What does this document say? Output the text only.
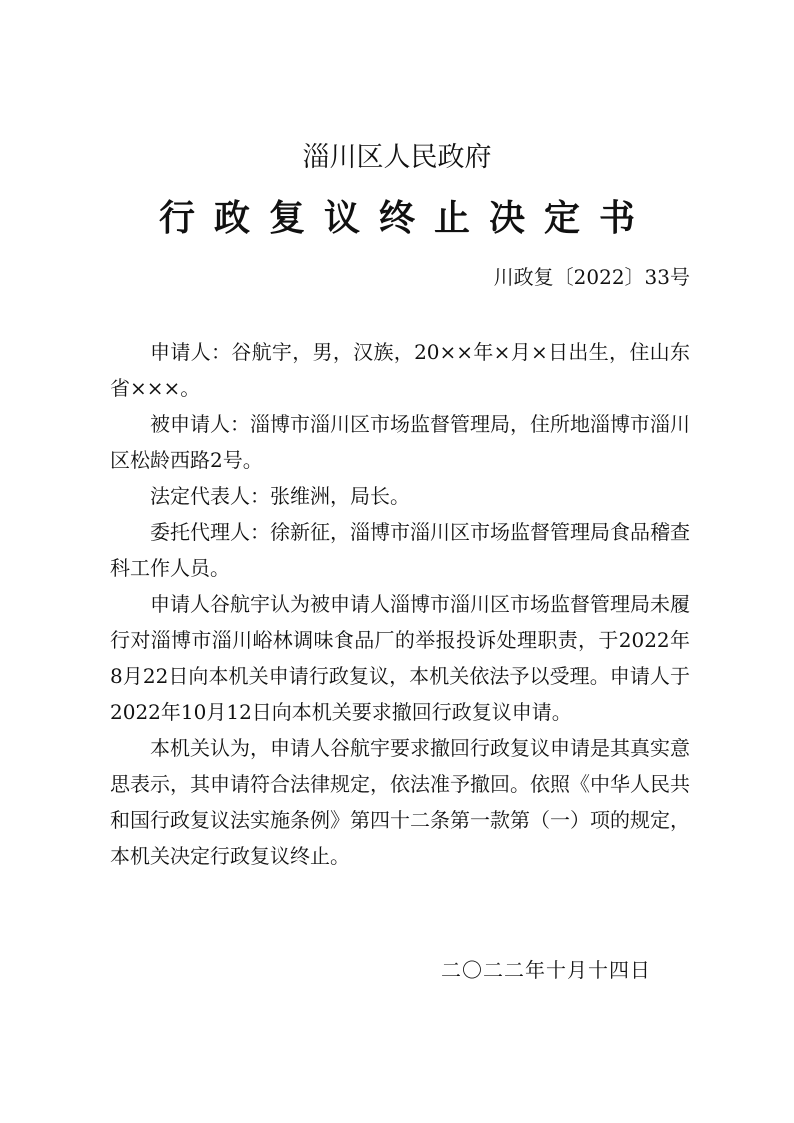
淄川区人民政府
行政复议终止决定书
川政复〔2022〕33号

申请人：谷航宇，男，汉族，20××年×月×日出生，住山东省×××。

被申请人：淄博市淄川区市场监督管理局，住所地淄博市淄川区松龄西路2号。

法定代表人：张维洲，局长。

委托代理人：徐新征，淄博市淄川区市场监督管理局食品稽查科工作人员。

申请人谷航宇认为被申请人淄博市淄川区市场监督管理局未履行对淄博市淄川峪林调味食品厂的举报投诉处理职责，于2022年8月22日向本机关申请行政复议，本机关依法予以受理。申请人于2022年10月12日向本机关要求撤回行政复议申请。

本机关认为，申请人谷航宇要求撤回行政复议申请是其真实意思表示，其申请符合法律规定，依法准予撤回。依照《中华人民共和国行政复议法实施条例》第四十二条第一款第（一）项的规定，本机关决定行政复议终止。

二〇二二年十月十四日
